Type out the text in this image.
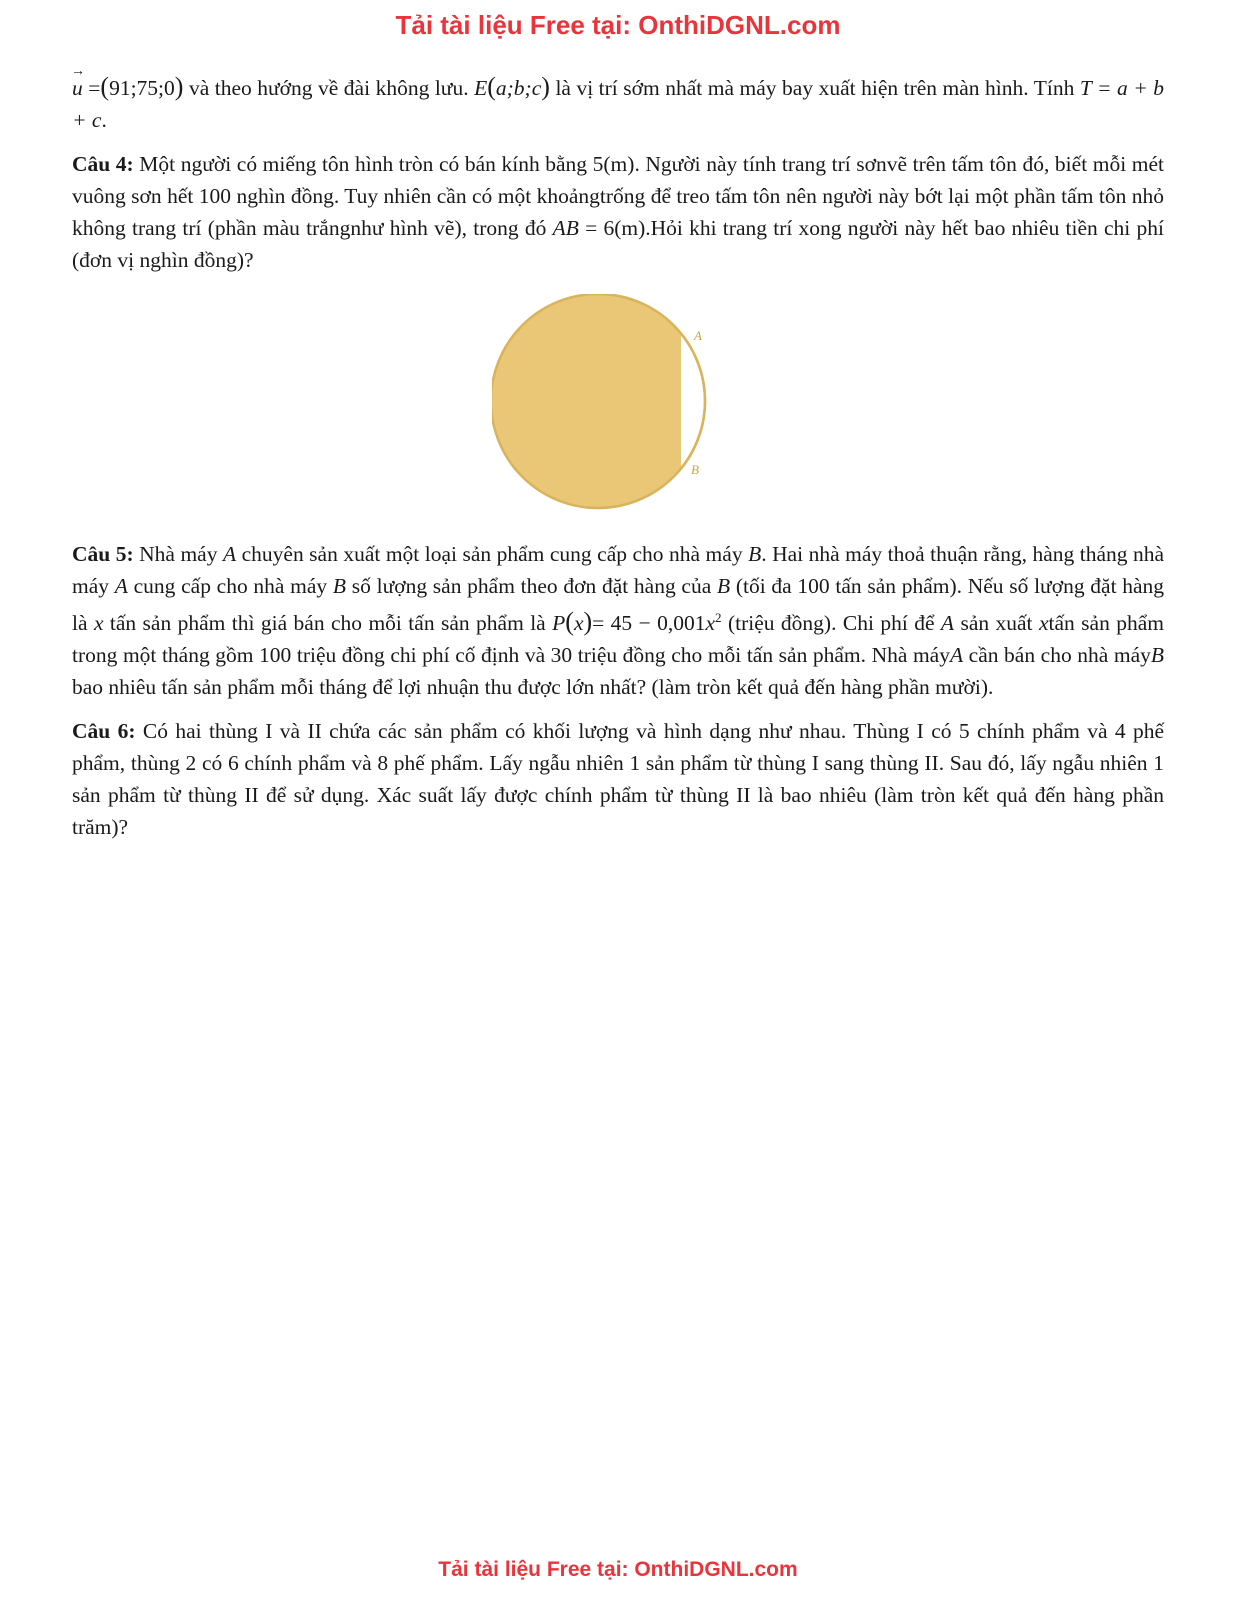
Tải tài liệu Free tại: OnthiDGNL.com

→ u =(91;75;0) và theo hướng về đài không lưu. E(a;b;c) là vị trí sớm nhất mà máy bay xuất hiện trên màn hình. Tính T = a + b + c.

Câu 4: Một người có miếng tôn hình tròn có bán kính bằng 5(m). Người này tính trang trí sơnvẽ trên tấm tôn đó, biết mỗi mét vuông sơn hết 100 nghìn đồng. Tuy nhiên cần có một khoảngtrống để treo tấm tôn nên người này bớt lại một phần tấm tôn nhỏ không trang trí (phần màu trắngnhư hình vẽ), trong đó AB = 6(m).Hỏi khi trang trí xong người này hết bao nhiêu tiền chi phí (đơn vị nghìn đồng)?

A
B

Câu 5: Nhà máy A chuyên sản xuất một loại sản phẩm cung cấp cho nhà máy B. Hai nhà máy thoả thuận rằng, hàng tháng nhà máy A cung cấp cho nhà máy B số lượng sản phẩm theo đơn đặt hàng của B (tối đa 100 tấn sản phẩm). Nếu số lượng đặt hàng là x tấn sản phẩm thì giá bán cho mỗi tấn sản phẩm là $P(x)= 45 - 0,001x^2$ (triệu đồng). Chi phí để A sản xuất xtấn sản phẩm trong một tháng gồm 100 triệu đồng chi phí cố định và 30 triệu đồng cho mỗi tấn sản phẩm. Nhà máyA cần bán cho nhà máyB bao nhiêu tấn sản phẩm mỗi tháng để lợi nhuận thu được lớn nhất? (làm tròn kết quả đến hàng phần mười).

Câu 6: Có hai thùng I và II chứa các sản phẩm có khối lượng và hình dạng như nhau. Thùng I có 5 chính phẩm và 4 phế phẩm, thùng 2 có 6 chính phẩm và 8 phế phẩm. Lấy ngẫu nhiên 1 sản phẩm từ thùng I sang thùng II. Sau đó, lấy ngẫu nhiên 1 sản phẩm từ thùng II để sử dụng. Xác suất lấy được chính phẩm từ thùng II là bao nhiêu (làm tròn kết quả đến hàng phần trăm)?

Tải tài liệu Free tại: OnthiDGNL.com
